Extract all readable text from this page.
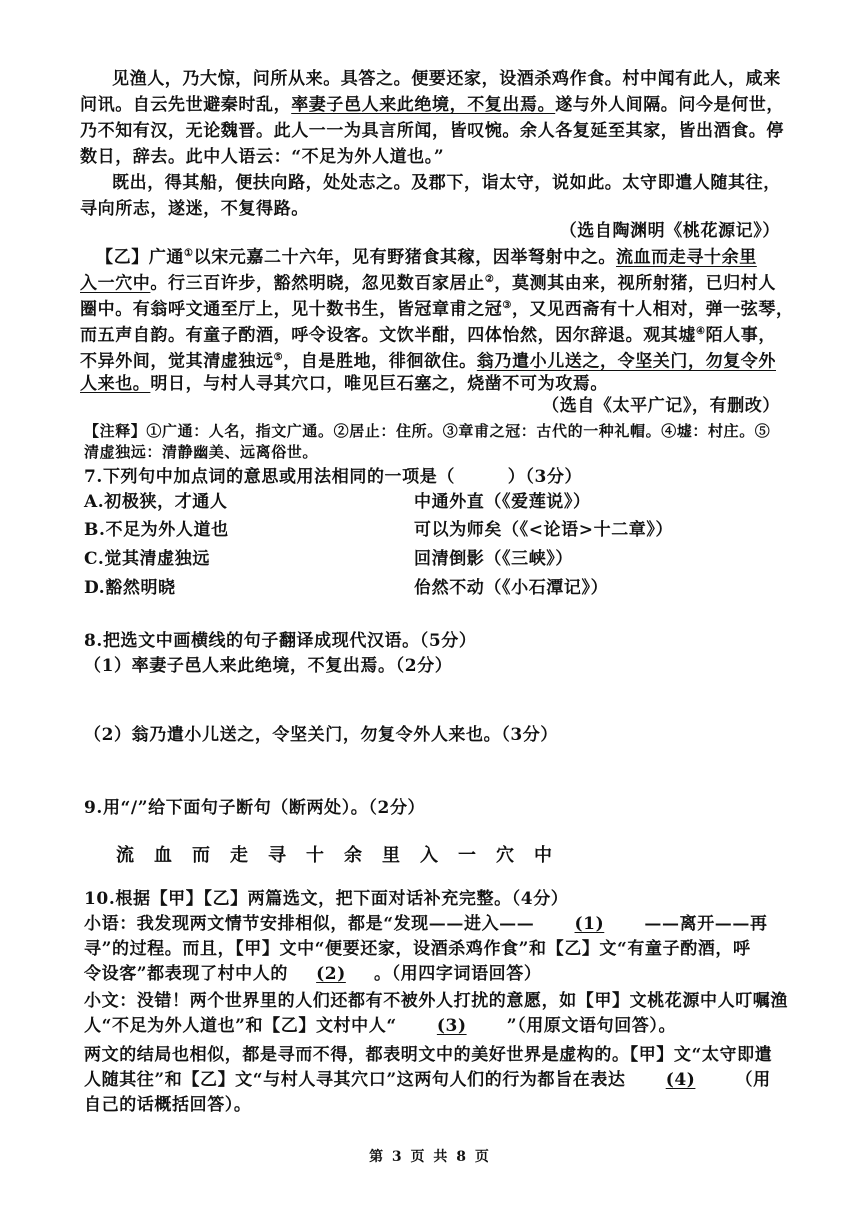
见渔人，乃大惊，问所从来。具答之。便要还家，设酒杀鸡作食。村中闻有此人，咸来
问讯。自云先世避秦时乱，率妻子邑人来此绝境，不复出焉。遂与外人间隔。问今是何世，
乃不知有汉，无论魏晋。此人一一为具言所闻，皆叹惋。余人各复延至其家，皆出酒食。停
数日，辞去。此中人语云：“不足为外人道也。”
既出，得其船，便扶向路，处处志之。及郡下，诣太守，说如此。太守即遣人随其往，
寻向所志，遂迷，不复得路。
（选自陶渊明《桃花源记》）
【乙】广通①以宋元嘉二十六年，见有野猪食其稼，因举弩射中之。流血而走寻十余里
入一穴中。行三百许步，豁然明晓，忽见数百家居止②，莫测其由来，视所射猪，已归村人
圈中。有翁呼文通至厅上，见十数书生，皆冠章甫之冠③，又见西斋有十人相对，弹一弦琴，
而五声自韵。有童子酌酒，呼令设客。文饮半酣，四体怡然，因尔辞退。观其墟④陌人事，
不异外间，觉其清虚独远⑤，自是胜地，徘徊欲住。翁乃遣小儿送之，令坚关门，勿复令外
人来也。明日，与村人寻其穴口，唯见巨石塞之，烧凿不可为攻焉。
（选自《太平广记》，有删改）
【注释】①广通：人名，指文广通。②居止：住所。③章甫之冠：古代的一种礼帽。④墟：村庄。⑤
清虚独远：清静幽美、远离俗世。
7.下列句中加点词的意思或用法相同的一项是（　　　）（3分）
A.初极狭，才通人	中通外直（《爱莲说》）
B.不足为外人道也	可以为师矣（《<论语>十二章》）
C.觉其清虚独远	回清倒影（《三峡》）
D.豁然明晓	佁然不动（《小石潭记》）
8.把选文中画横线的句子翻译成现代汉语。（5分）
（1）率妻子邑人来此绝境，不复出焉。（2分）
（2）翁乃遣小儿送之，令坚关门，勿复令外人来也。（3分）
9.用“/”给下面句子断句（断两处）。（2分）
流血而走寻十余里入一穴中
10.根据【甲】【乙】两篇选文，把下面对话补充完整。（4分）
小语：我发现两文情节安排相似，都是“发现——进入—— (1) ——离开——再
寻”的过程。而且，【甲】文中“便要还家，设酒杀鸡作食”和【乙】文“有童子酌酒，呼
令设客”都表现了村中人的 (2) 。（用四字词语回答）
小文：没错！两个世界里的人们还都有不被外人打扰的意愿，如【甲】文桃花源中人叮嘱渔
人“不足为外人道也”和【乙】文村中人“ (3) ”（用原文语句回答）。
两文的结局也相似，都是寻而不得，都表明文中的美好世界是虚构的。【甲】文“太守即遣
人随其往”和【乙】文“与村人寻其穴口”这两句人们的行为都旨在表达 (4) （用
自己的话概括回答）。
第 3 页 共 8 页
